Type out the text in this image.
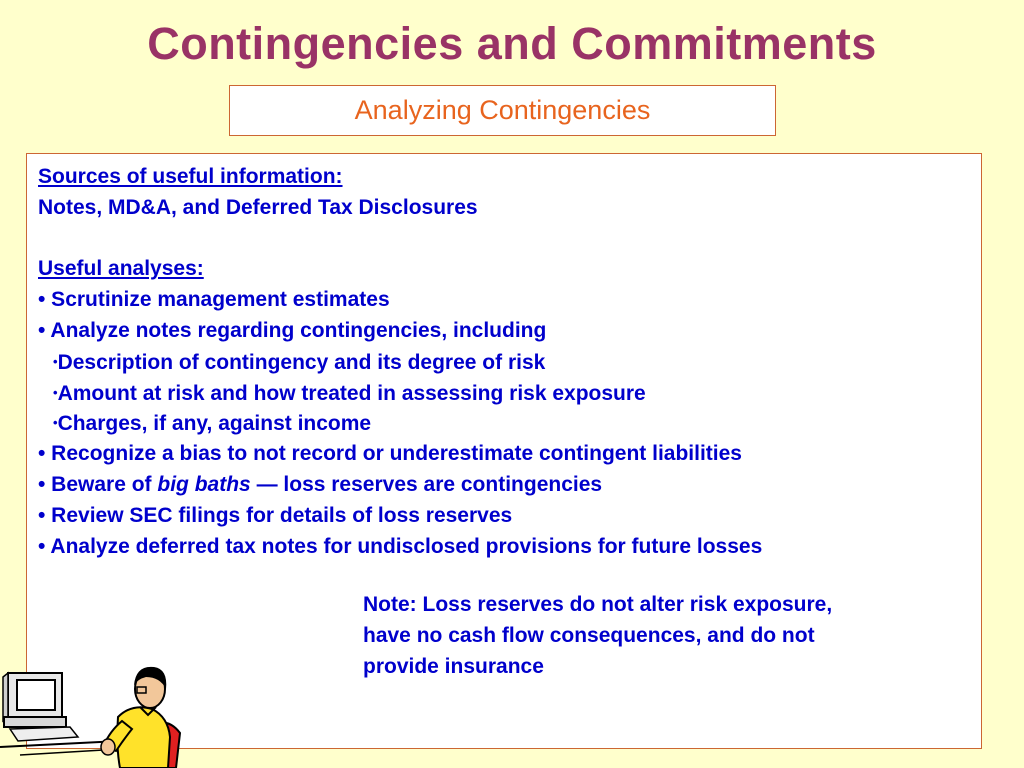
Contingencies and Commitments
Analyzing Contingencies
Sources of useful information:
Notes, MD&A, and Deferred Tax Disclosures
Useful analyses:
• Scrutinize management estimates
• Analyze notes regarding contingencies, including
•Description of contingency and its degree of risk
•Amount at risk and how treated in assessing risk exposure
•Charges, if any, against income
• Recognize a bias to not record or underestimate contingent liabilities
• Beware of big baths — loss reserves are contingencies
• Review SEC filings for details of loss reserves
• Analyze deferred tax notes for undisclosed provisions for future losses
Note: Loss reserves do not alter risk exposure,
have no cash flow consequences, and do not
provide insurance
